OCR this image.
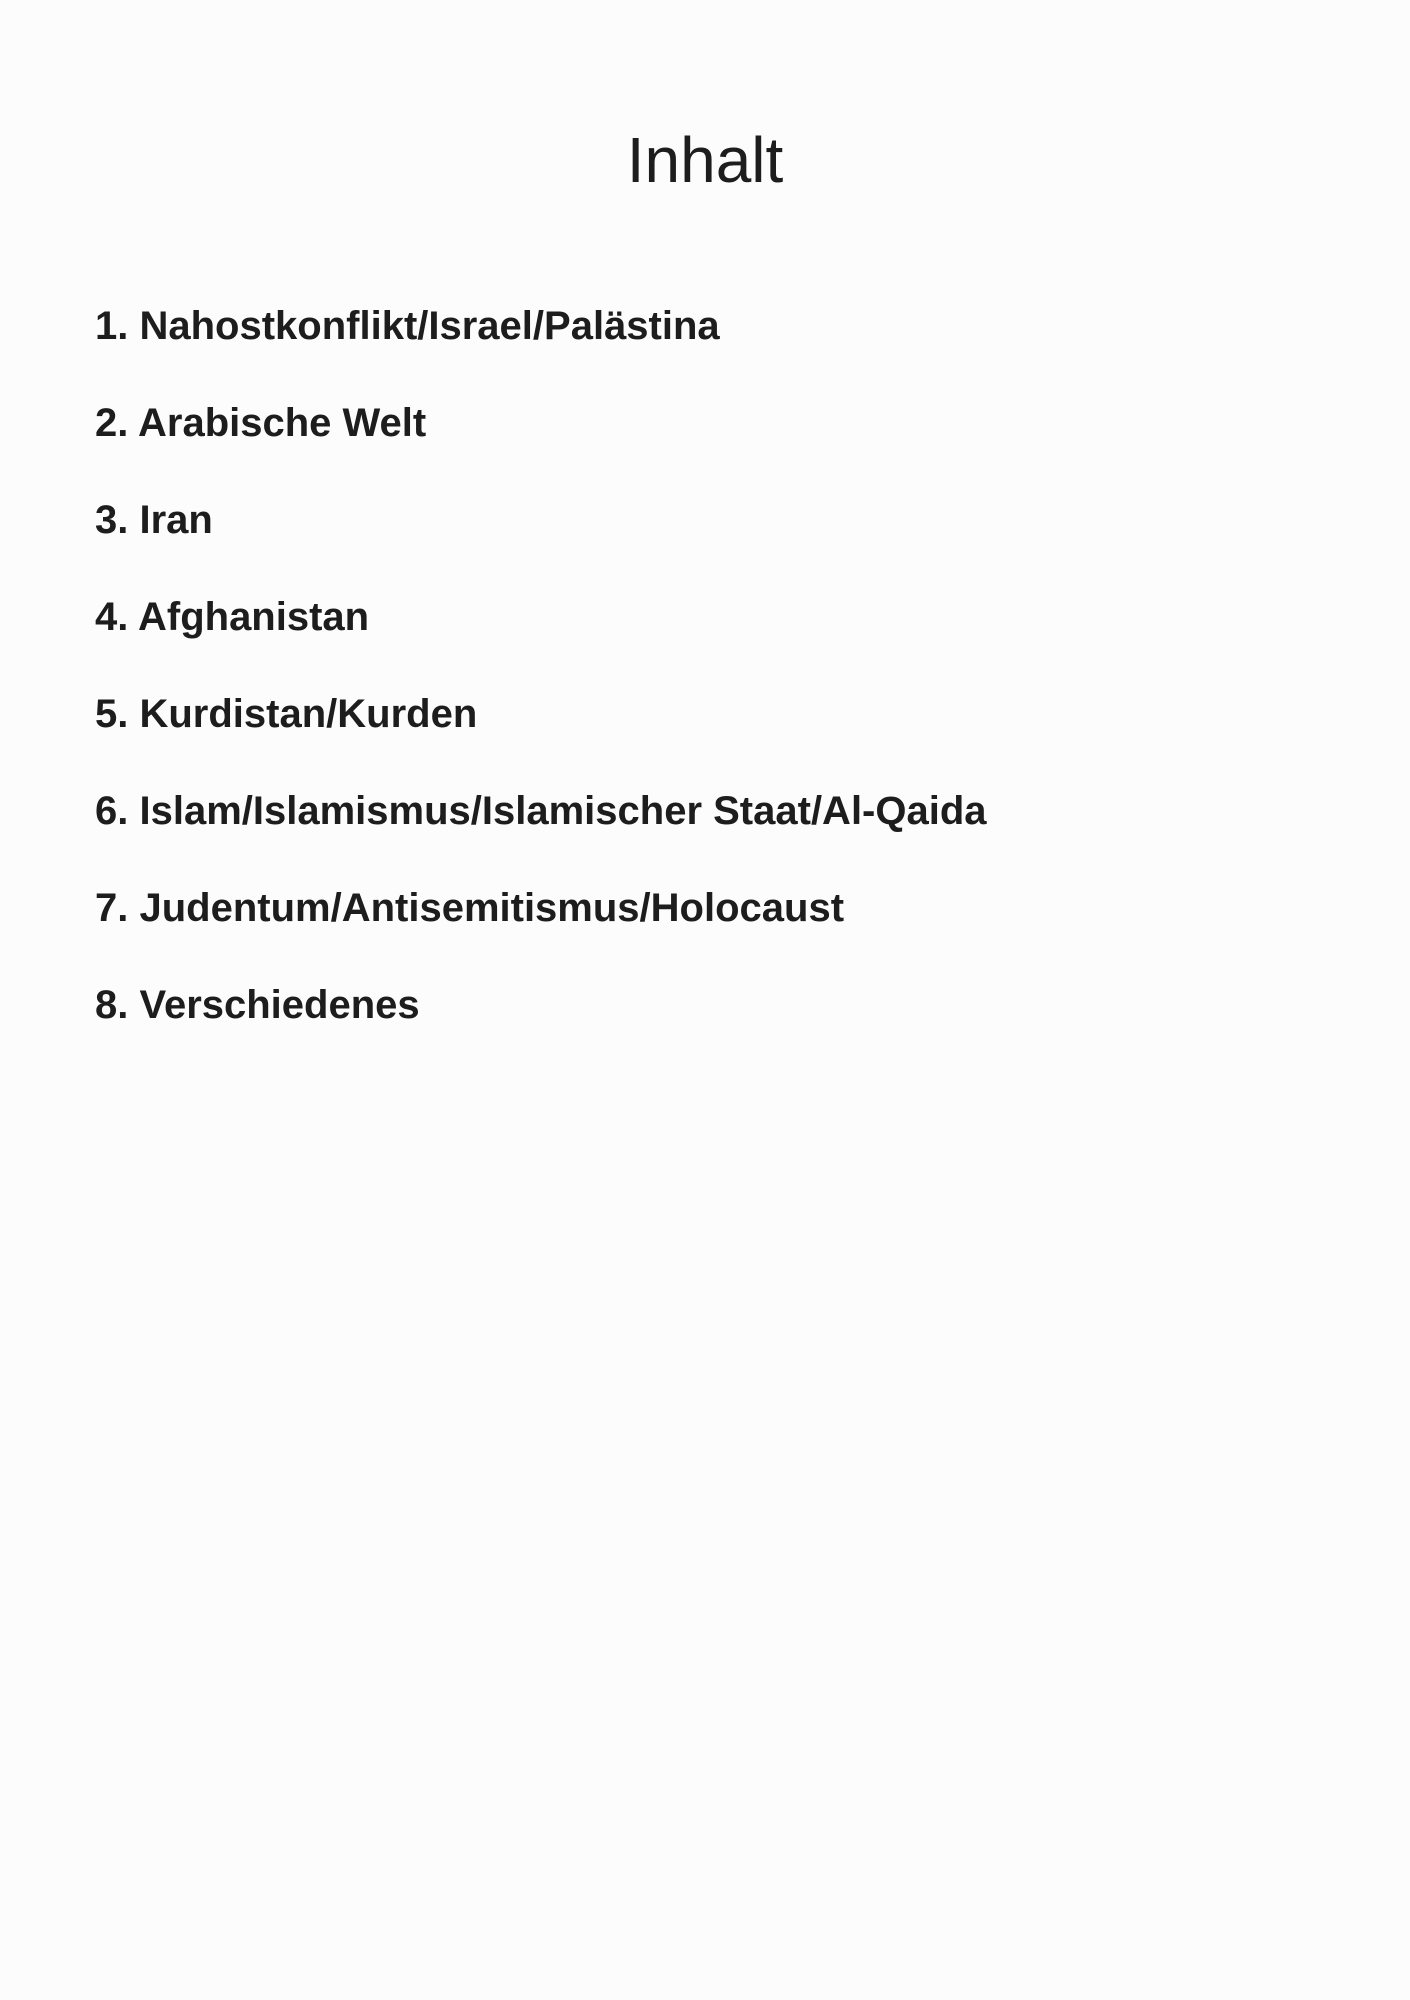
Inhalt
1. Nahostkonflikt/Israel/Palästina
2. Arabische Welt
3. Iran
4. Afghanistan
5. Kurdistan/Kurden
6. Islam/Islamismus/Islamischer Staat/Al-Qaida
7. Judentum/Antisemitismus/Holocaust
8. Verschiedenes
